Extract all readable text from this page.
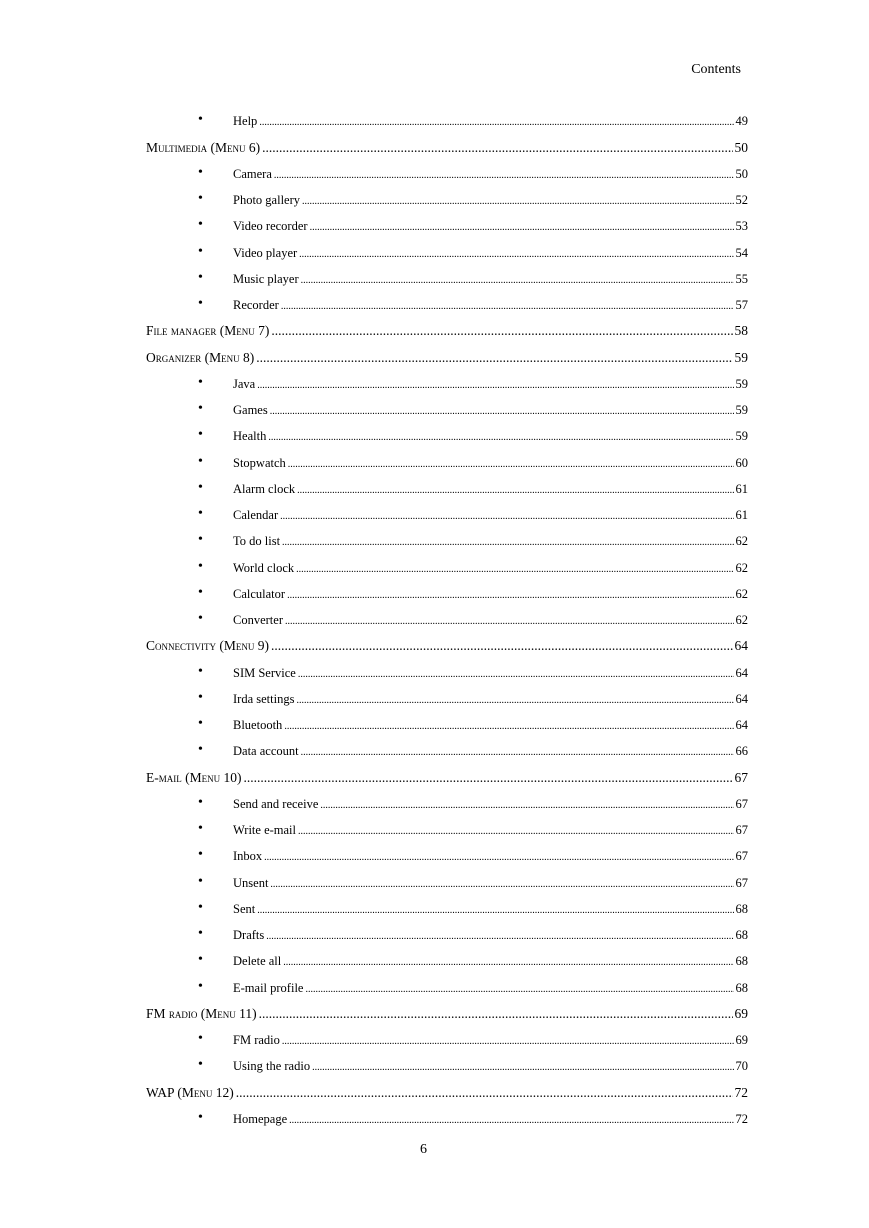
Contents
• Help .....	49
Multimedia (Menu 6) .....	50
• Camera .....	50
• Photo gallery .....	52
• Video recorder .....	53
• Video player .....	54
• Music player .....	55
• Recorder .....	57
File manager (Menu 7) .....	58
Organizer (Menu 8) .....	59
• Java .....	59
• Games .....	59
• Health .....	59
• Stopwatch .....	60
• Alarm clock .....	61
• Calendar .....	61
• To do list .....	62
• World clock .....	62
• Calculator .....	62
• Converter .....	62
Connectivity (Menu 9) .....	64
• SIM Service .....	64
• Irda settings .....	64
• Bluetooth .....	64
• Data account .....	66
E-mail (Menu 10) .....	67
• Send and receive .....	67
• Write e-mail .....	67
• Inbox .....	67
• Unsent .....	67
• Sent .....	68
• Drafts .....	68
• Delete all .....	68
• E-mail profile .....	68
FM radio (Menu 11) .....	69
• FM radio .....	69
• Using the radio .....	70
WAP (Menu 12) .....	72
• Homepage .....	72
6
